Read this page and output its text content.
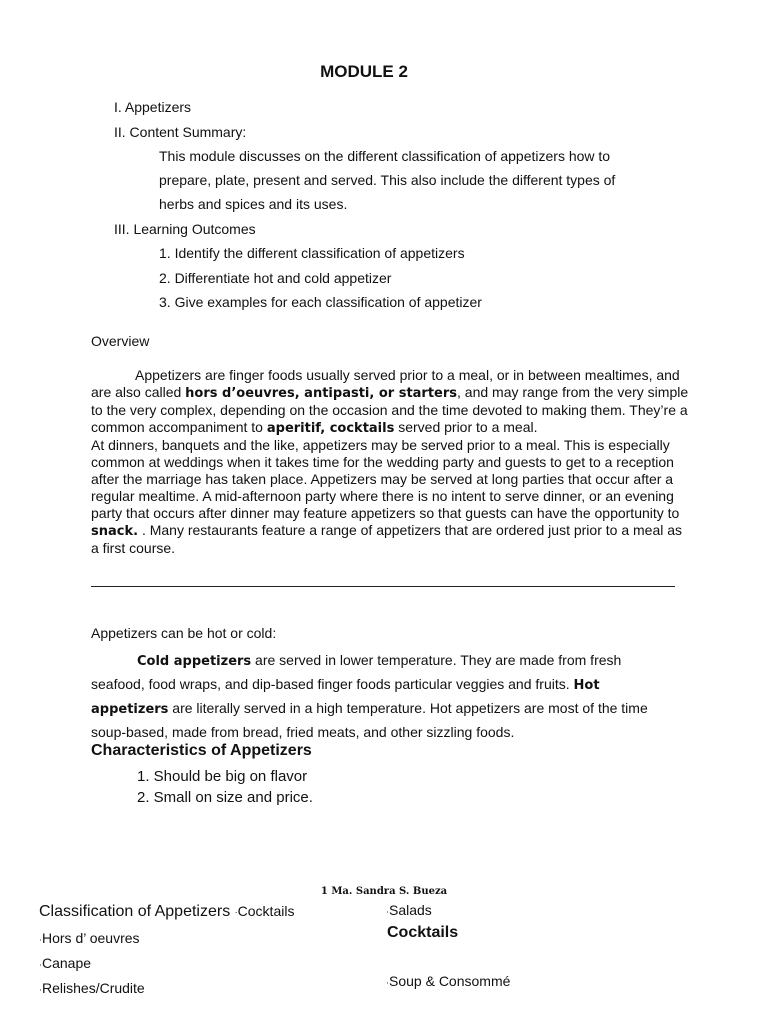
MODULE 2
I. Appetizers
II. Content Summary:
This module discusses on the different classification of appetizers how to
prepare, plate, present and served. This also include the different types of
herbs and spices and its uses.
III. Learning Outcomes
1. Identify the different classification of appetizers
2. Differentiate hot and cold appetizer
3. Give examples for each classification of appetizer
Overview
Appetizers are finger foods usually served prior to a meal, or in between mealtimes, and are also called hors d’oeuvres, antipasti, or starters, and may range from the very simple to the very complex, depending on the occasion and the time devoted to making them. They’re a common accompaniment to aperitif, cocktails served prior to a meal.
At dinners, banquets and the like, appetizers may be served prior to a meal. This is especially common at weddings when it takes time for the wedding party and guests to get to a reception after the marriage has taken place. Appetizers may be served at long parties that occur after a regular mealtime. A mid-afternoon party where there is no intent to serve dinner, or an evening party that occurs after dinner may feature appetizers so that guests can have the opportunity to snack. . Many restaurants feature a range of appetizers that are ordered just prior to a meal as a first course.
Appetizers can be hot or cold:
Cold appetizers are served in lower temperature. They are made from fresh seafood, food wraps, and dip-based finger foods particular veggies and fruits. Hot appetizers are literally served in a high temperature. Hot appetizers are most of the time soup-based, made from bread, fried meats, and other sizzling foods.
Characteristics of Appetizers
1. Should be big on flavor
2. Small on size and price.
1 Ma. Sandra S. Bueza
Classification of Appetizers ·Cocktails
·Hors d’ oeuvres
·Canape
·Relishes/Crudite
·Salads
Cocktails
·Soup & Consommé
